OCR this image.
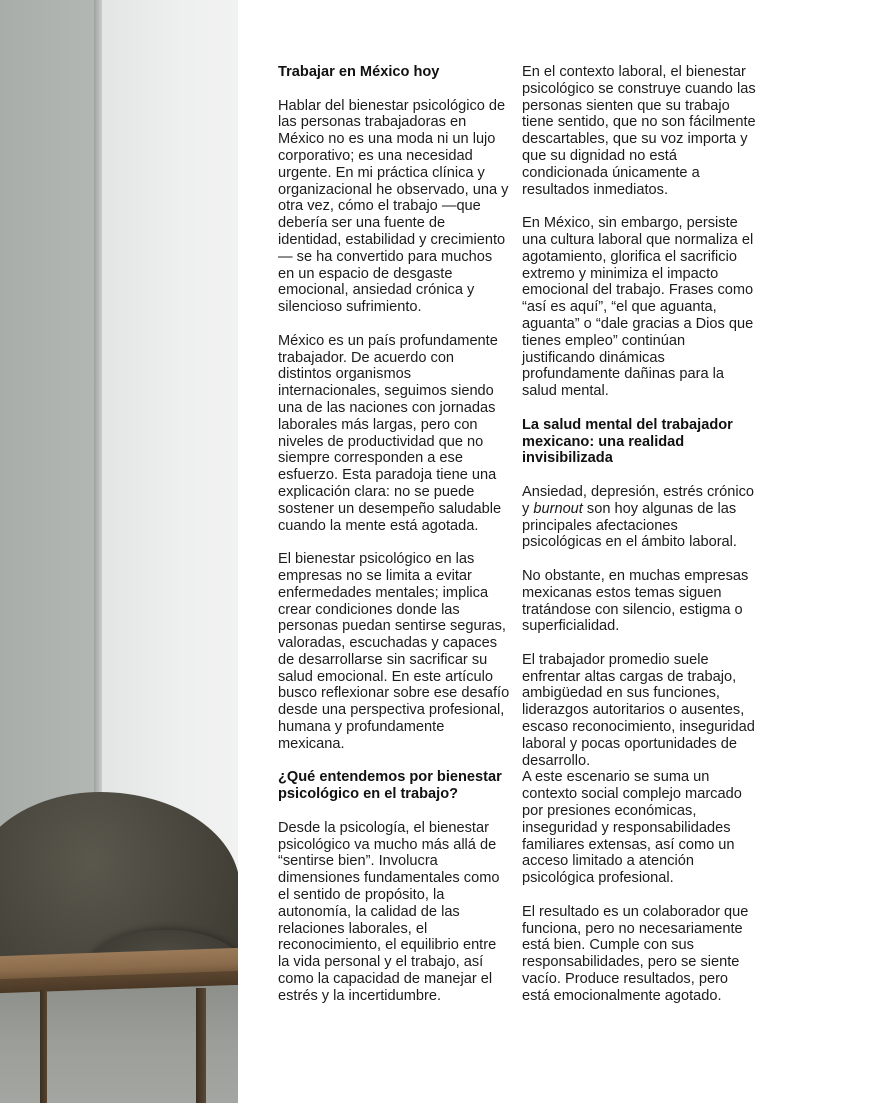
Trabajar en México hoy

Hablar del bienestar psicológico de las personas trabajadoras en México no es una moda ni un lujo corporativo; es una necesidad urgente. En mi práctica clínica y organizacional he observado, una y otra vez, cómo el trabajo —que debería ser una fuente de identidad, estabilidad y crecimiento— se ha convertido para muchos en un espacio de desgaste emocional, ansiedad crónica y silencioso sufrimiento.

México es un país profundamente trabajador. De acuerdo con distintos organismos internacionales, seguimos siendo una de las naciones con jornadas laborales más largas, pero con niveles de productividad que no siempre corresponden a ese esfuerzo. Esta paradoja tiene una explicación clara: no se puede sostener un desempeño saludable cuando la mente está agotada.

El bienestar psicológico en las empresas no se limita a evitar enfermedades mentales; implica crear condiciones donde las personas puedan sentirse seguras, valoradas, escuchadas y capaces de desarrollarse sin sacrificar su salud emocional. En este artículo busco reflexionar sobre ese desafío desde una perspectiva profesional, humana y profundamente mexicana.

¿Qué entendemos por bienestar psicológico en el trabajo?

Desde la psicología, el bienestar psicológico va mucho más allá de “sentirse bien”. Involucra dimensiones fundamentales como el sentido de propósito, la autonomía, la calidad de las relaciones laborales, el reconocimiento, el equilibrio entre la vida personal y el trabajo, así como la capacidad de manejar el estrés y la incertidumbre.

En el contexto laboral, el bienestar psicológico se construye cuando las personas sienten que su trabajo tiene sentido, que no son fácilmente descartables, que su voz importa y que su dignidad no está condicionada únicamente a resultados inmediatos.

En México, sin embargo, persiste una cultura laboral que normaliza el agotamiento, glorifica el sacrificio extremo y minimiza el impacto emocional del trabajo. Frases como “así es aquí”, “el que aguanta, aguanta” o “dale gracias a Dios que tienes empleo” continúan justificando dinámicas profundamente dañinas para la salud mental.

La salud mental del trabajador mexicano: una realidad invisibilizada

Ansiedad, depresión, estrés crónico y burnout son hoy algunas de las principales afectaciones psicológicas en el ámbito laboral.

No obstante, en muchas empresas mexicanas estos temas siguen tratándose con silencio, estigma o superficialidad.

El trabajador promedio suele enfrentar altas cargas de trabajo, ambigüedad en sus funciones, liderazgos autoritarios o ausentes, escaso reconocimiento, inseguridad laboral y pocas oportunidades de desarrollo.

A este escenario se suma un contexto social complejo marcado por presiones económicas, inseguridad y responsabilidades familiares extensas, así como un acceso limitado a atención psicológica profesional.

El resultado es un colaborador que funciona, pero no necesariamente está bien. Cumple con sus responsabilidades, pero se siente vacío. Produce resultados, pero está emocionalmente agotado.
